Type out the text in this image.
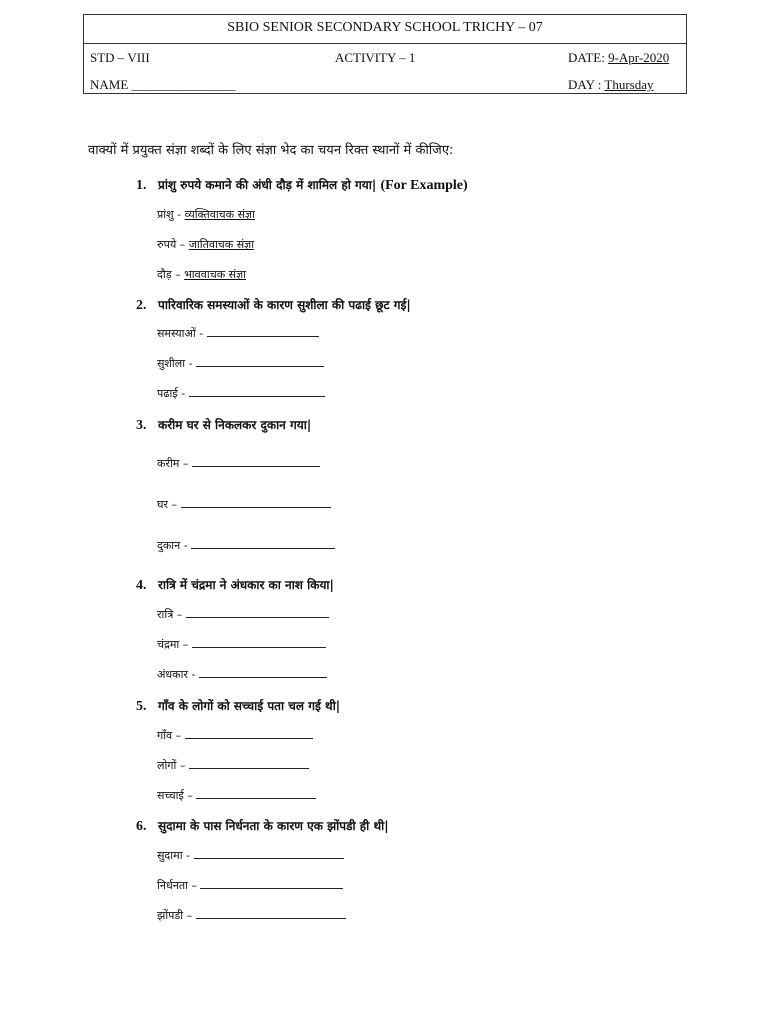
SBIO SENIOR SECONDARY SCHOOL TRICHY – 07
STD – VIII	ACTIVITY – 1	DATE: 9-Apr-2020
NAME ________________	DAY : Thursday
वाक्यों में प्रयुक्त संज्ञा शब्दों के लिए संज्ञा भेद का चयन रिक्त स्थानों में कीजिए:
1. प्रांशु रुपये कमाने की अंधी दौड़ में शामिल हो गया| (For Example)
प्रांशु - व्यक्तिवाचक संज्ञा
रुपये – जातिवाचक संज्ञा
दौड़ – भाववाचक संज्ञा
2. पारिवारिक समस्याओं के कारण सुशीला की पढाई छूट गई|
समस्याओं -
सुशीला -
पढाई -
3. करीम घर से निकलकर दुकान गया|
करीम –
घर –
दुकान -
4. रात्रि में चंद्रमा ने अंधकार का नाश किया|
रात्रि –
चंद्रमा –
अंधकार -
5. गाँव के लोगों को सच्चाई पता चल गई थी|
गाँव –
लोगों –
सच्चाई –
6. सुदामा के पास निर्धनता के कारण एक झोंपडी ही थी|
सुदामा -
निर्धनता –
झोंपडी –
